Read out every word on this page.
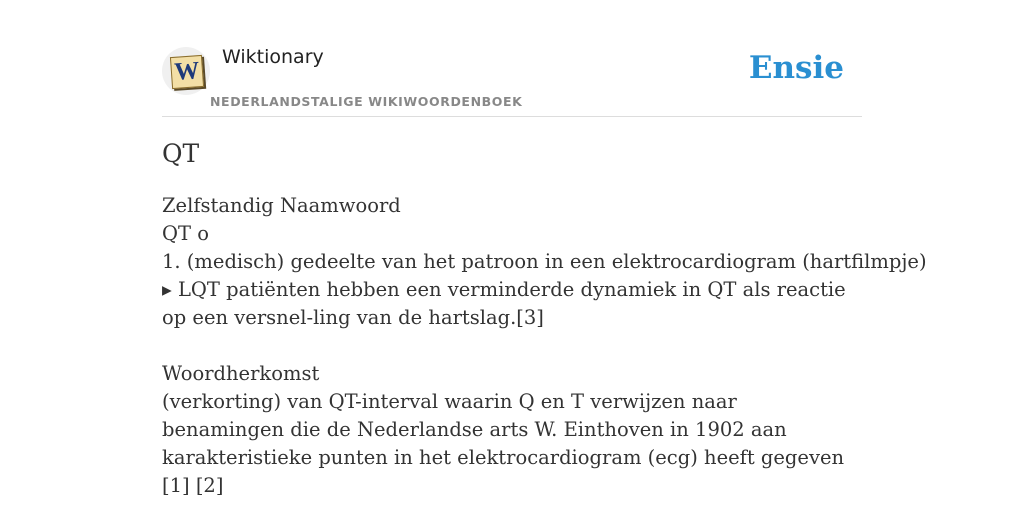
W
Wiktionary
NEDERLANDSTALIGE WIKIWOORDENBOEK
Ensie
QT
Zelfstandig Naamwoord
QT o
1. (medisch) gedeelte van het patroon in een elektrocardiogram (hartfilmpje)
▸ LQT patiënten hebben een verminderde dynamiek in QT als reactie op een versnel-ling van de hartslag.[3]
Woordherkomst
(verkorting) van QT-interval waarin Q en T verwijzen naar benamingen die de Nederlandse arts W. Einthoven in 1902 aan karakteristieke punten in het elektrocardiogram (ecg) heeft gegeven [1] [2]
